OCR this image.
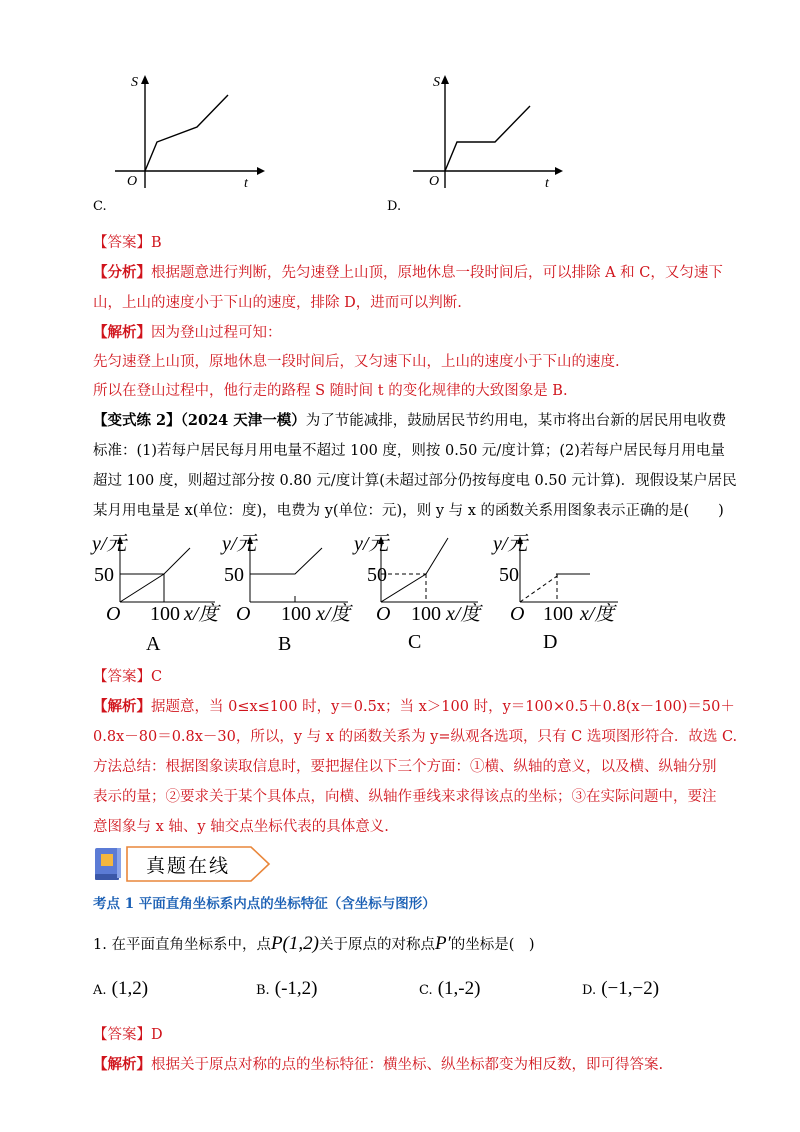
S
O	t
C.
S
O	t
D.
【答案】B
【分析】根据题意进行判断，先匀速登上山顶，原地休息一段时间后，可以排除 A 和 C，又匀速下
山，上山的速度小于下山的速度，排除 D，进而可以判断.
【解析】因为登山过程可知：
先匀速登上山顶，原地休息一段时间后，又匀速下山，上山的速度小于下山的速度.
所以在登山过程中，他行走的路程 S 随时间 t 的变化规律的大致图象是 B.
【变式练 2】（2024 天津一模）为了节能减排，鼓励居民节约用电，某市将出台新的居民用电收费
标准：(1)若每户居民每月用电量不超过 100 度，则按 0.50 元/度计算；(2)若每户居民每月用电量
超过 100 度，则超过部分按 0.80 元/度计算(未超过部分仍按每度电 0.50 元计算)．现假设某户居民
某月用电量是 x(单位：度)，电费为 y(单位：元)，则 y 与 x 的函数关系用图象表示正确的是(　　)
y/元
50
O 100 x/度
A
y/元
50
O 100 x/度
B
y/元
50
O 100 x/度
C
y/元
50
O 100 x/度
D
【答案】C
【解析】据题意，当 0≤x≤100 时，y＝0.5x；当 x＞100 时，y＝100×0.5＋0.8(x－100)＝50＋
0.8x－80＝0.8x－30，所以，y 与 x 的函数关系为 y=纵观各选项，只有 C 选项图形符合．故选 C.
方法总结：根据图象读取信息时，要把握住以下三个方面：①横、纵轴的意义，以及横、纵轴分别
表示的量；②要求关于某个具体点，向横、纵轴作垂线来求得该点的坐标；③在实际问题中，要注
意图象与 x 轴、y 轴交点坐标代表的具体意义.
真题在线
考点 1 平面直角坐标系内点的坐标特征（含坐标与图形）
1. 在平面直角坐标系中，点P(1,2)关于原点的对称点P′的坐标是(　)
A. (1,2)	B. (-1,2)	C. (1,-2)	D. (−1,−2)
【答案】D
【解析】根据关于原点对称的点的坐标特征：横坐标、纵坐标都变为相反数，即可得答案.
